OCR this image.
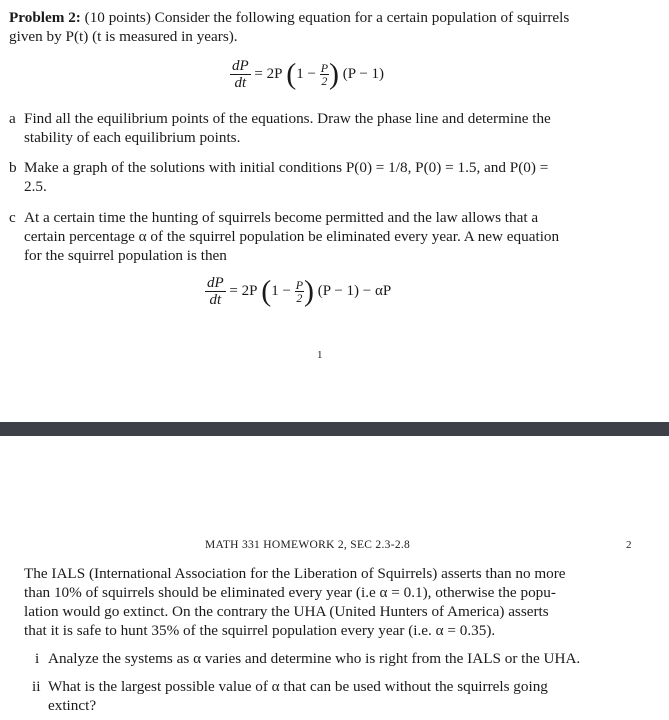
Problem 2: (10 points) Consider the following equation for a certain population of squirrels
given by P(t) (t is measured in years).
$\frac{dP}{dt} = 2P$ ($1 - \frac{P}{2}$ ) (P − 1)
a Find all the equilibrium points of the equations. Draw the phase line and determine the
stability of each equilibrium points.
b Make a graph of the solutions with initial conditions P(0) = 1/8, P(0) = 1.5, and P(0) =
2.5.
c At a certain time the hunting of squirrels become permitted and the law allows that a
certain percentage α of the squirrel population be eliminated every year. A new equation
for the squirrel population is then
$\frac{dP}{dt} = 2P$ ($1 - \frac{P}{2}$ ) (P − 1) − αP
1
MATH 331 HOMEWORK 2, SEC 2.3-2.8	2
The IALS (International Association for the Liberation of Squirrels) asserts than no more
than 10% of squirrels should be eliminated every year (i.e α = 0.1), otherwise the popu-
lation would go extinct. On the contrary the UHA (United Hunters of America) asserts
that it is safe to hunt 35% of the squirrel population every year (i.e. α = 0.35).
i Analyze the systems as α varies and determine who is right from the IALS or the UHA.
ii What is the largest possible value of α that can be used without the squirrels going
extinct?
